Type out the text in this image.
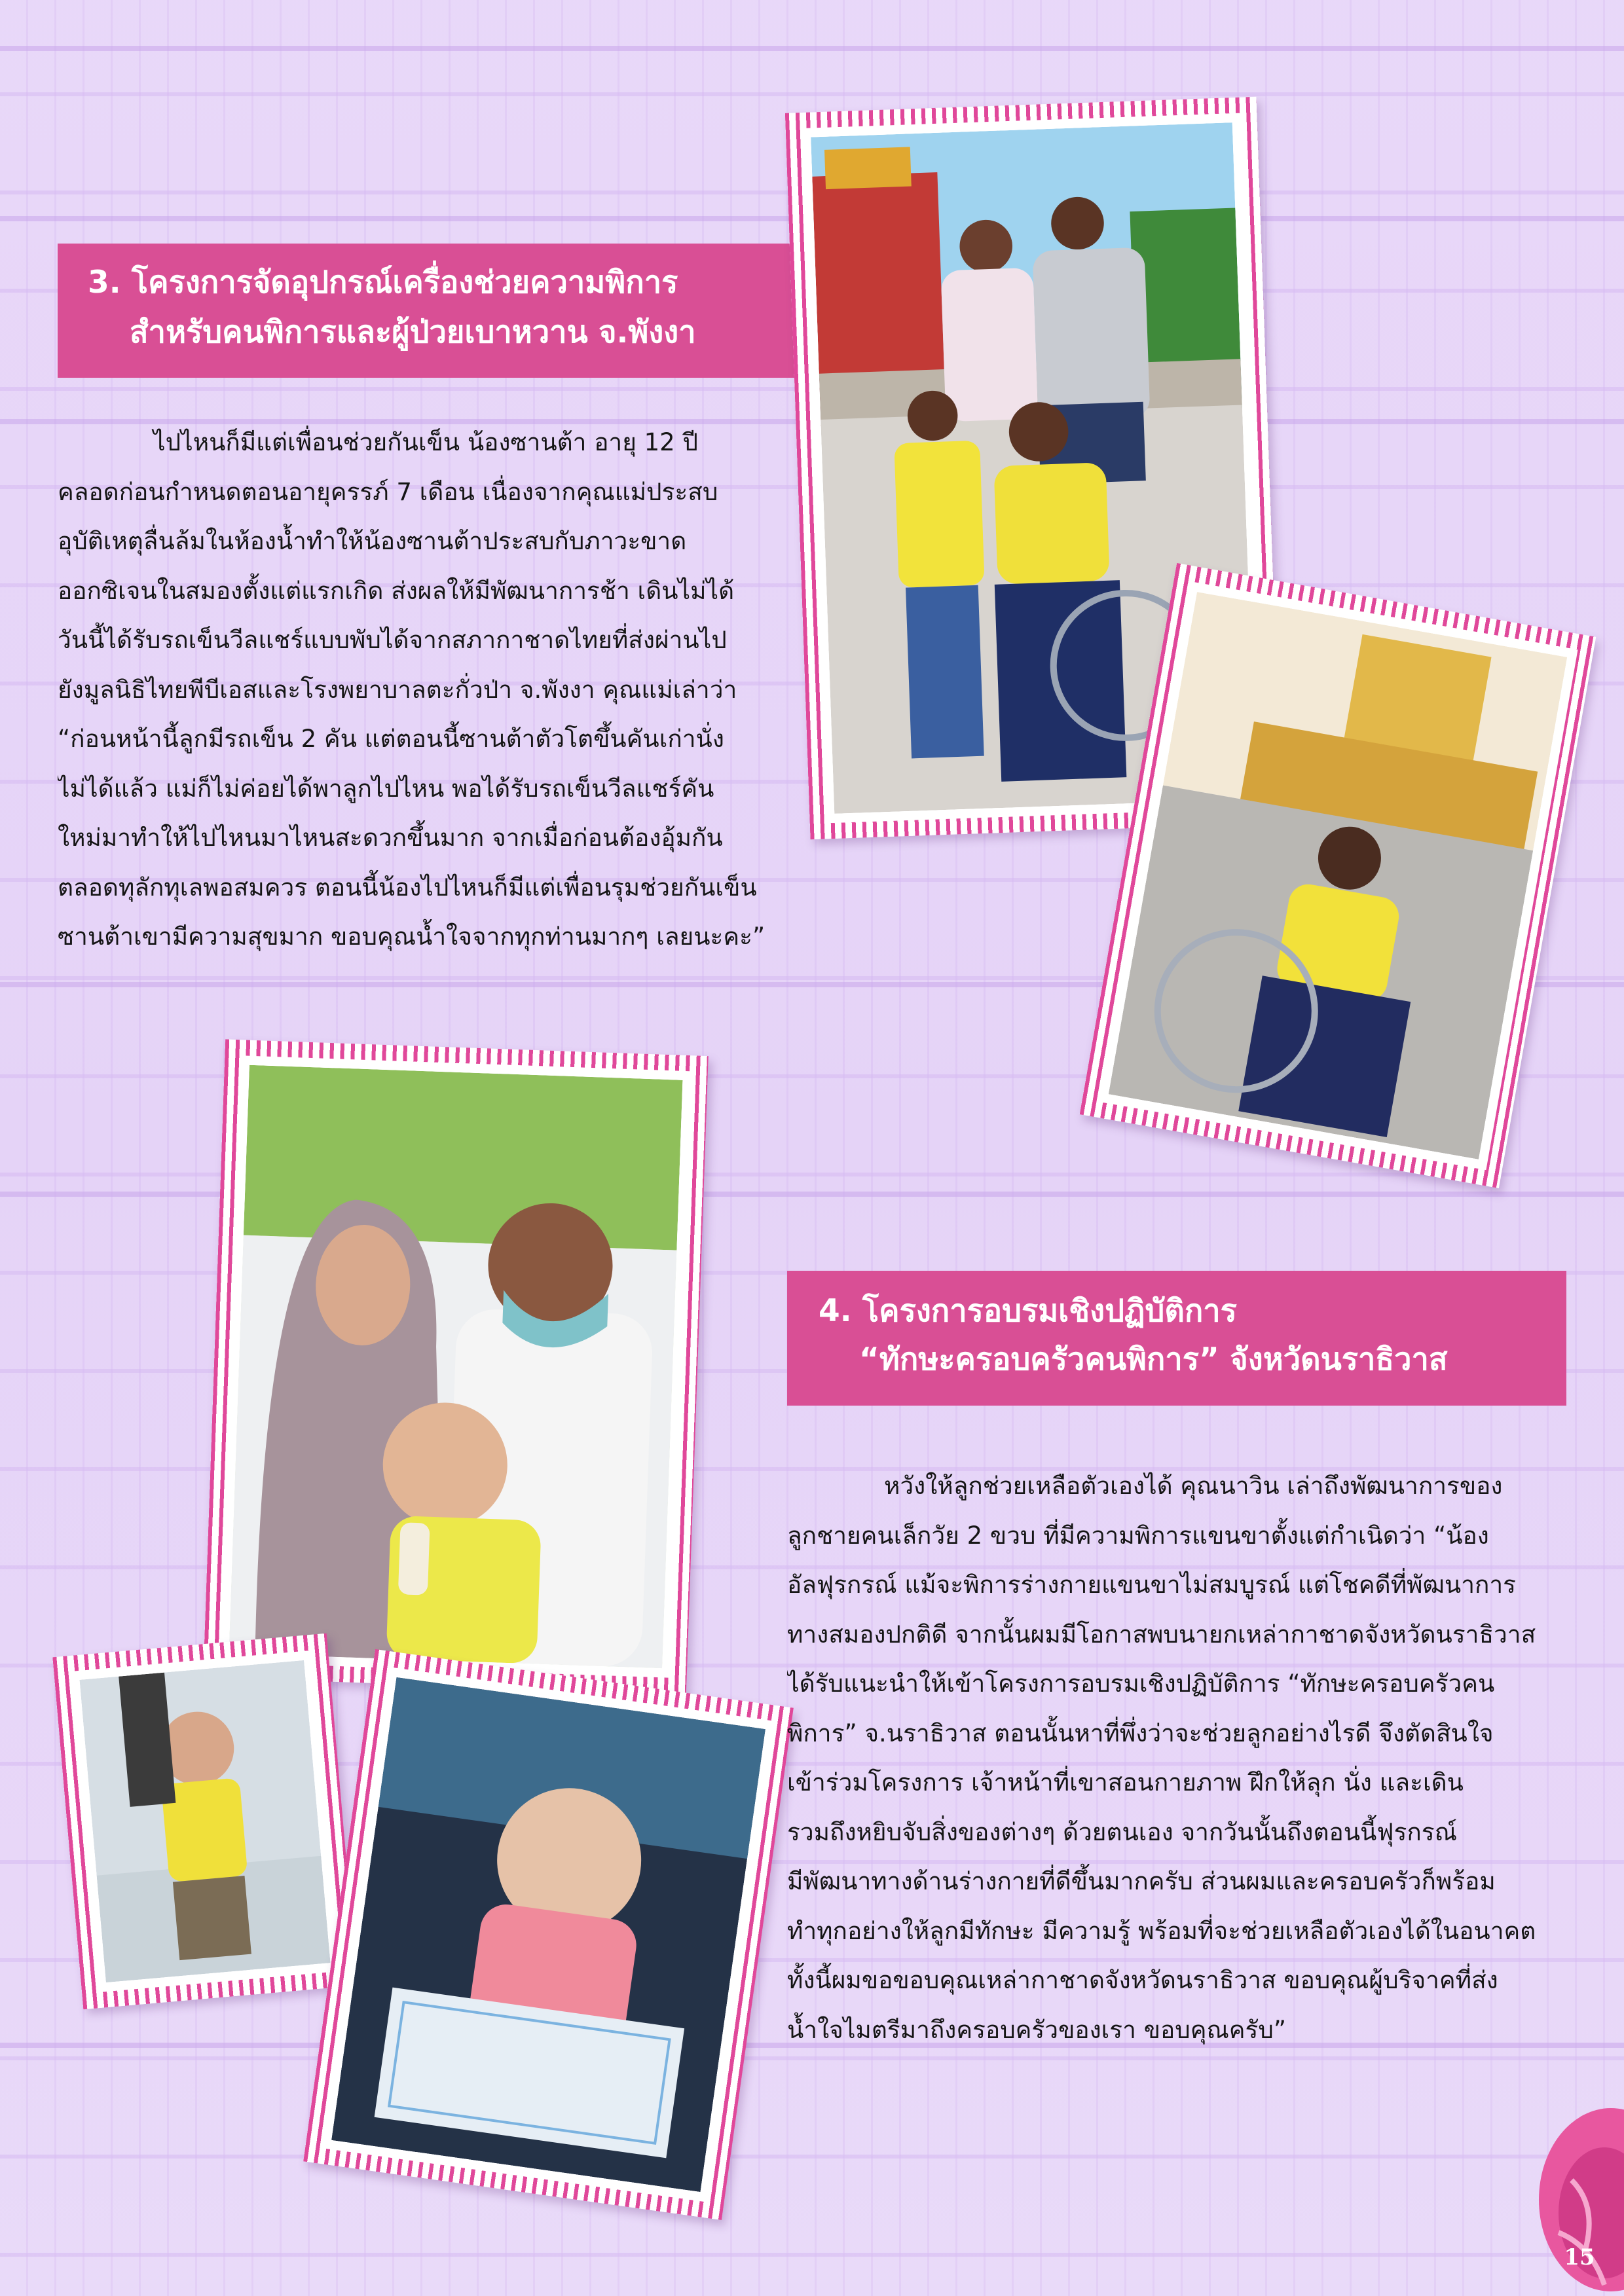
3. โครงการจัดอุปกรณ์เครื่องช่วยความพิการ
สำหรับคนพิการและผู้ป่วยเบาหวาน จ.พังงา
ไปไหนก็มีแต่เพื่อนช่วยกันเข็น น้องซานต้า อายุ 12 ปี
คลอดก่อนกำหนดตอนอายุครรภ์ 7 เดือน เนื่องจากคุณแม่ประสบ
อุบัติเหตุลื่นล้มในห้องน้ำทำให้น้องซานต้าประสบกับภาวะขาด
ออกซิเจนในสมองตั้งแต่แรกเกิด ส่งผลให้มีพัฒนาการช้า เดินไม่ได้
วันนี้ได้รับรถเข็นวีลแชร์แบบพับได้จากสภากาชาดไทยที่ส่งผ่านไป
ยังมูลนิธิไทยพีบีเอสและโรงพยาบาลตะกั่วป่า จ.พังงา คุณแม่เล่าว่า
“ก่อนหน้านี้ลูกมีรถเข็น 2 คัน แต่ตอนนี้ซานต้าตัวโตขึ้นคันเก่านั่ง
ไม่ได้แล้ว แม่ก็ไม่ค่อยได้พาลูกไปไหน พอได้รับรถเข็นวีลแชร์คัน
ใหม่มาทำให้ไปไหนมาไหนสะดวกขึ้นมาก จากเมื่อก่อนต้องอุ้มกัน
ตลอดทุลักทุเลพอสมควร ตอนนี้น้องไปไหนก็มีแต่เพื่อนรุมช่วยกันเข็น
ซานต้าเขามีความสุขมาก ขอบคุณน้ำใจจากทุกท่านมากๆ เลยนะคะ”
4. โครงการอบรมเชิงปฏิบัติการ
“ทักษะครอบครัวคนพิการ” จังหวัดนราธิวาส
หวังให้ลูกช่วยเหลือตัวเองได้ คุณนาวิน เล่าถึงพัฒนาการของ
ลูกชายคนเล็กวัย 2 ขวบ ที่มีความพิการแขนขาตั้งแต่กำเนิดว่า “น้อง
อัลฟุรกรณ์ แม้จะพิการร่างกายแขนขาไม่สมบูรณ์ แต่โชคดีที่พัฒนาการ
ทางสมองปกติดี จากนั้นผมมีโอกาสพบนายกเหล่ากาชาดจังหวัดนราธิวาส
ได้รับแนะนำให้เข้าโครงการอบรมเชิงปฏิบัติการ “ทักษะครอบครัวคน
พิการ” จ.นราธิวาส ตอนนั้นหาที่พึ่งว่าจะช่วยลูกอย่างไรดี จึงตัดสินใจ
เข้าร่วมโครงการ เจ้าหน้าที่เขาสอนกายภาพ ฝึกให้ลุก นั่ง และเดิน
รวมถึงหยิบจับสิ่งของต่างๆ ด้วยตนเอง จากวันนั้นถึงตอนนี้ฟุรกรณ์
มีพัฒนาทางด้านร่างกายที่ดีขึ้นมากครับ ส่วนผมและครอบครัวก็พร้อม
ทำทุกอย่างให้ลูกมีทักษะ มีความรู้ พร้อมที่จะช่วยเหลือตัวเองได้ในอนาคต
ทั้งนี้ผมขอขอบคุณเหล่ากาชาดจังหวัดนราธิวาส ขอบคุณผู้บริจาคที่ส่ง
น้ำใจไมตรีมาถึงครอบครัวของเรา ขอบคุณครับ”
15
